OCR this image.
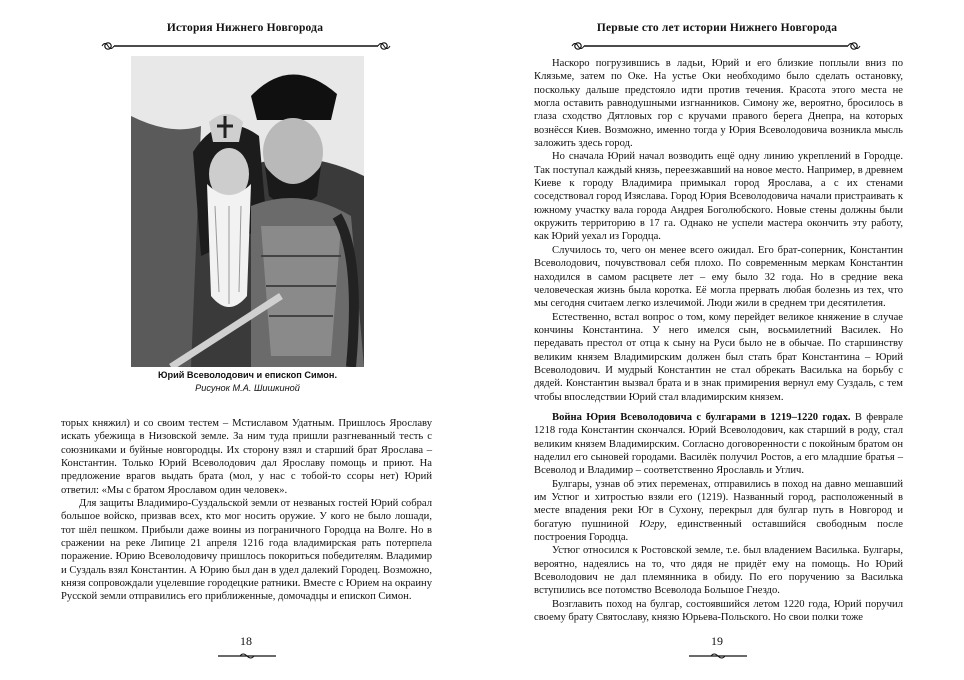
История Нижнего Новгорода
Юрий Всеволодович и епископ Симон.
Рисунок М.А. Шишкиной

торых княжил) и со своим тестем – Мстиславом Удатным. Пришлось Ярославу искать убежища в Низовской земле. За ним туда пришли разгневанный тесть с союзниками и буйные новгородцы. Их сторону взял и старший брат Ярослава – Константин. Только Юрий Всеволодович дал Ярославу помощь и приют. На предложение врагов выдать брата (мол, у нас с тобой-то ссоры нет) Юрий ответил: «Мы с братом Ярославом один человек».

Для защиты Владимиро-Суздальской земли от незваных гостей Юрий собрал большое войско, призвав всех, кто мог носить оружие. У кого не было лошади, тот шёл пешком. Прибыли даже воины из пограничного Городца на Волге. Но в сражении на реке Липице 21 апреля 1216 года владимирская рать потерпела поражение. Юрию Всеволодовичу пришлось покориться победителям. Владимир и Суздаль взял Константин. А Юрию был дан в удел далекий Городец. Возможно, князя сопровождали уцелевшие городецкие ратники. Вместе с Юрием на окраину Русской земли отправились его приближенные, домочадцы и епископ Симон.

18
Первые сто лет истории Нижнего Новгорода

Наскоро погрузившись в ладьи, Юрий и его близкие поплыли вниз по Клязьме, затем по Оке. На устье Оки необходимо было сделать остановку, поскольку дальше предстояло идти против течения. Красота этого места не могла оставить равнодушными изгнанников. Симону же, вероятно, бросилось в глаза сходство Дятловых гор с кручами правого берега Днепра, на которых вознёсся Киев. Возможно, именно тогда у Юрия Всеволодовича возникла мысль заложить здесь город.

Но сначала Юрий начал возводить ещё одну линию укреплений в Городце. Так поступал каждый князь, переезжавший на новое место. Например, в древнем Киеве к городу Владимира примыкал город Ярослава, а с их стенами соседствовал город Изяслава. Город Юрия Всеволодовича начали пристраивать к южному участку вала города Андрея Боголюбского. Новые стены должны были окружить территорию в 17 га. Однако не успели мастера окончить эту работу, как Юрий уехал из Городца.

Случилось то, чего он менее всего ожидал. Его брат-соперник, Константин Всеволодович, почувствовал себя плохо. По современным меркам Константин находился в самом расцвете лет – ему было 32 года. Но в средние века человеческая жизнь была коротка. Её могла прервать любая болезнь из тех, что мы сегодня считаем легко излечимой. Люди жили в среднем три десятилетия.

Естественно, встал вопрос о том, кому перейдет великое княжение в случае кончины Константина. У него имелся сын, восьмилетний Василек. Но передавать престол от отца к сыну на Руси было не в обычае. По старшинству великим князем Владимирским должен был стать брат Константина – Юрий Всеволодович. И мудрый Константин не стал обрекать Василька на борьбу с дядей. Константин вызвал брата и в знак примирения вернул ему Суздаль, с тем чтобы впоследствии Юрий стал владимирским князем.

Война Юрия Всеволодовича с булгарами в 1219–1220 годах. В феврале 1218 года Константин скончался. Юрий Всеволодович, как старший в роду, стал великим князем Владимирским. Согласно договоренности с покойным братом он наделил его сыновей городами. Василёк получил Ростов, а его младшие братья – Всеволод и Владимир – соответственно Ярославль и Углич.

Булгары, узнав об этих переменах, отправились в поход на давно мешавший им Устюг и хитростью взяли его (1219). Названный город, расположенный в месте впадения реки Юг в Сухону, перекрыл для булгар путь в Новгород и богатую пушниной Югру, единственный оставшийся свободным после построения Городца.

Устюг относился к Ростовской земле, т.е. был владением Василька. Булгары, вероятно, надеялись на то, что дядя не придёт ему на помощь. Но Юрий Всеволодович не дал племянника в обиду. По его поручению за Василька вступились все потомство Всеволода Большое Гнездо.

Возглавить поход на булгар, состоявшийся летом 1220 года, Юрий поручил своему брату Святославу, князю Юрьева-Польского. Но свои полки тоже

19
